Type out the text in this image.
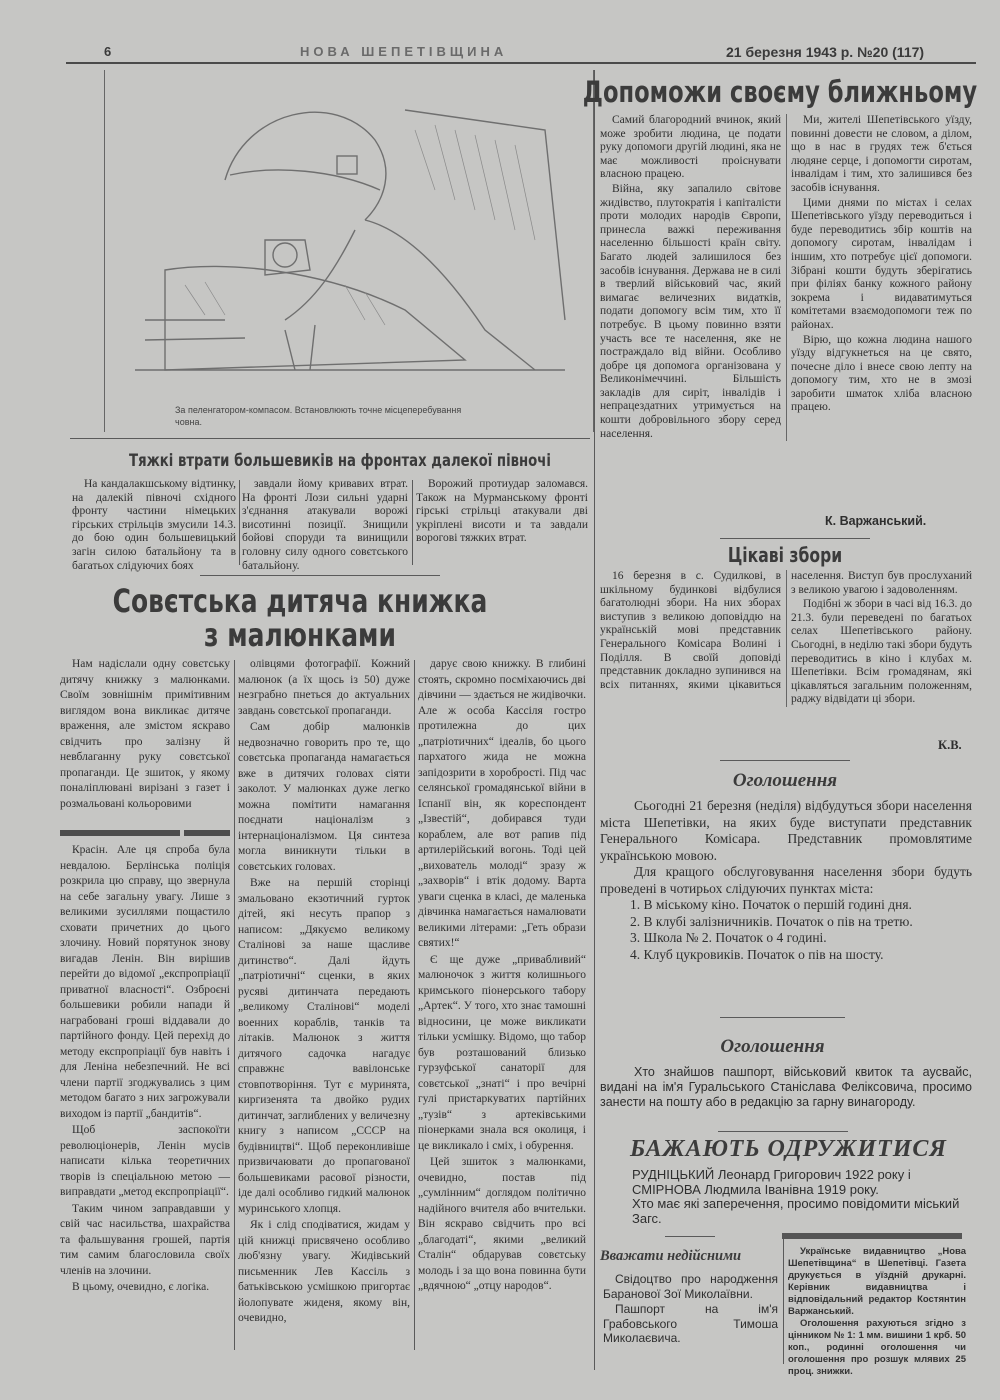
6	НОВА ШЕПЕТІВЩИНА	21 березня 1943 р. №20 (117)
За пеленгатором-компасом. Встановлюють точне місцеперебування човна.
Тяжкі втрати большевиків на фронтах далекої півночі

На кандалакшському відтинку, на далекій півночі східного фронту частини німецьких гірських стрільців змусили 14.3. до бою один большевицький загін силою батальйону та в багатьох слідуючих боях

завдали йому кривавих втрат. На фронті Лози сильні ударні з'єднання атакували ворожі висотинні позиції. Знищили бойові споруди та винищили головну силу одного совєтського батальйону.

Ворожий протиудар заломався. Також на Мурманському фронті гірські стрільці атакували дві укріплені висоти и та завдали ворогові тяжких втрат.

Совєтська дитяча книжка
з малюнками

Нам надіслали одну совєтську дитячу книжку з малюнками. Своїм зовнішнім примітивним виглядом вона викликає дитяче враження, але змістом яскраво свідчить про залізну й невблаганну руку совєтської пропаганди. Це зшиток, у якому поналіплювані вирізані з газет і розмальовані кольоровими

Красін. Але ця спроба була невдалою. Берлінська поліція розкрила цю справу, що звернула на себе загальну увагу. Лише з великими зусиллями пощастило сховати причетних до цього злочину. Новий порятунок знову вигадав Ленін. Він вирішив перейти до відомої „експропріації приватної власності“. Озброєні большевики робили напади й награбовані гроші віддавали до партійного фонду. Цей перехід до методу експропріації був навіть і для Леніна небезпечний. Не всі члени партії згоджувались з цим методом багато з них загрожували виходом із партії „бандитів“.

Щоб заспокоїти революціонерів, Ленін мусів написати кілька теоретичних творів із спеціальною метою — виправдати „метод експропріації“.

Таким чином заправдавши у свій час насильства, шахрайства та фальшування грошей, партія тим самим благословила своїх членів на злочини.

В цьому, очевидно, є логіка.

олівцями фотографії. Кожний малюнок (а їх щось із 50) дуже незграбно пнеться до актуальних завдань совєтської пропаганди.

Сам добір малюнків недвозначно говорить про те, що совєтська пропаганда намагається вже в дитячих головах сіяти заколот. У малюнках дуже легко можна помітити намагання поєднати націоналізм з інтернаціоналізмом. Ця синтеза могла виникнути тільки в совєтських головах.

Вже на першій сторінці змальовано екзотичний гурток дітей, які несуть прапор з написом: „Дякуємо великому Сталінові за наше щасливе дитинство“. Далі йдуть „патріотичні“ сценки, в яких русяві дитинчата передають „великому Сталінові“ моделі военних кораблів, танків та літаків. Малюнок з життя дитячого садочка нагадує справжнє вавілонське стовпотворіння. Тут є муринята, киргизенята та двойко рудих дитинчат, заглиблених у величезну книгу з написом „СССР на будівництві“. Щоб переконливіше призвичаювати до пропагованої большевиками расової різности, іде далі особливо гидкий малюнок муринського хлопця.

Як і слід сподіватися, жидам у цій книжці присвячено особливо люб'язну увагу. Жидівський письменник Лев Кассіль з батьківською усмішкою пригортає йолопувате жиденя, якому він, очевидно,

дарує свою книжку. В глибині стоять, скромно посміхаючись дві дівчини — здається не жидівочки. Але ж особа Кассіля гостро протилежна до цих „патріотичних“ ідеалів, бо цього пархатого жида не можна запідозрити в хоробрості. Під час селянської громадянської війни в Іспанії він, як кореспондент „Ізвестій“, добирався туди кораблем, але вот рапив під артилерійський вогонь. Тоді цей „вихователь молоді“ зразу ж „захворів“ і втік додому. Варта уваги сценка в класі, де маленька дівчинка намагається намалювати великими літерами: „Геть образи святих!“

Є ще дуже „привабливий“ малюночок з життя колишнього кримського піонерського табору „Артек“. У того, хто знає тамошні відносини, це може викликати тільки усмішку. Відомо, що табор був розташований близько гурзуфської санаторії для совєтської „знаті“ і про вечірні гулі пристаркуватих партійних „тузів“ з артеківськими піонерками знала вся околиця, і це викликало і сміх, і обурення.

Цей зшиток з малюнками, очевидно, постав під „сумлінним“ доглядом політично надійного вчителя або вчительки. Він яскраво свідчить про всі „благодаті“, якими „великий Сталін“ обдарував совєтську молодь і за що вона повинна бути „вдячною“ „отцу народов“.

Допоможи своєму ближньому

Самий благородний вчинок, який може зробити людина, це подати руку допомоги другій людині, яка не має можливості проіснувати власною працею.

Війна, яку запалило світове жидівство, плутократія і капіталісти проти молодих народів Європи, принесла важкі переживання населенню більшості країн світу. Багато людей залишилося без засобів існування. Держава не в силі в тверлий військовий час, який вимагає величезних видатків, подати допомогу всім тим, хто її потребує. В цьому повинно взяти участь все те населення, яке не постраждало від війни. Особливо добре ця допомога організована у Великонімеччині. Більшість закладів для сиріт, інвалідів і непрацездатних утримується на кошти добровільного збору серед населення.

Ми, жителі Шепетівського уїзду, повинні довести не словом, а ділом, що в нас в грудях теж б'ється людяне серце, і допомогти сиротам, інвалідам і тим, хто залишився без засобів існування.

Цими днями по містах і селах Шепетівського уїзду переводиться і буде переводитись збір коштів на допомогу сиротам, інвалідам і іншим, хто потребує цієї допомоги. Зібрані кошти будуть зберігатись при філіях банку кожного району зокрема і видаватимуться комітетами взаємодопомоги теж по районах.

Вірю, що кожна людина нашого уїзду відгукнеться на це свято, почесне діло і внесе свою лепту на допомогу тим, хто не в змозі заробити шматок хліба власною працею.

К. Варжанський.
Цікаві збори

16 березня в с. Судилкові, в шкільному будинкові відбулися багатолюдні збори. На них зборах виступив з великою доповіддю на українській мові представник Генерального Комісара Волині і Поділля. В своїй доповіді представник докладно зупинився на всіх питаннях, якими цікавиться населення. Виступ був прослуханий з великою увагою і задоволенням.

Подібні ж збори в часі від 16.3. до 21.3. були переведені по багатьох селах Шепетівського району. Сьогодні, в неділю такі збори будуть переводитись в кіно і клубах м. Шепетівки. Всім громадянам, які цікавляться загальним положенням, раджу відвідати ці збори.

К.В.
Оголошення

Сьогодні 21 березня (неділя) відбудуться збори населення міста Шепетівки, на яких буде виступати представник Генерального Комісара. Представник промовлятиме українською мовою.

Для кращого обслуговування населення збори будуть проведені в чотирьох слідуючих пунктах міста:

1. В міському кіно. Початок о першій годині дня.

2. В клубі залізничників. Початок о пів на третю.

3. Школа № 2. Початок о 4 годині.

4. Клуб цукровиків. Початок о пів на шосту.

Оголошення

Хто знайшов пашпорт, військовий квиток та аусвайс, видані на ім'я Гуральського Станіслава Феліксовича, просимо занести на пошту або в редакцію за гарну винагороду.

БАЖАЮТЬ ОДРУЖИТИСЯ
РУДНІЦЬКИЙ Леонард Григорович 1922 року і
СМІРНОВА Людмила Іванівна 1919 року.
Хто має які заперечення, просимо повідомити міський Загс.
Вважати недійсними

Свідоцтво про народження Баранової Зої Миколаївни.

Пашпорт на ім'я Грабовського Тимоша Миколаєвича.

Українське видавництво „Нова Шепетівщина“ в Шепетівці. Газета друкується в уїздній друкарні. Керівник видавництва і відповідальний редактор Костянтин Варжанський.

Оголошення рахуються згідно з цінником № 1: 1 мм. вишини 1 крб. 50 коп., родинні оголошення чи оголошення про розшук млявих 25 проц. знижки.
